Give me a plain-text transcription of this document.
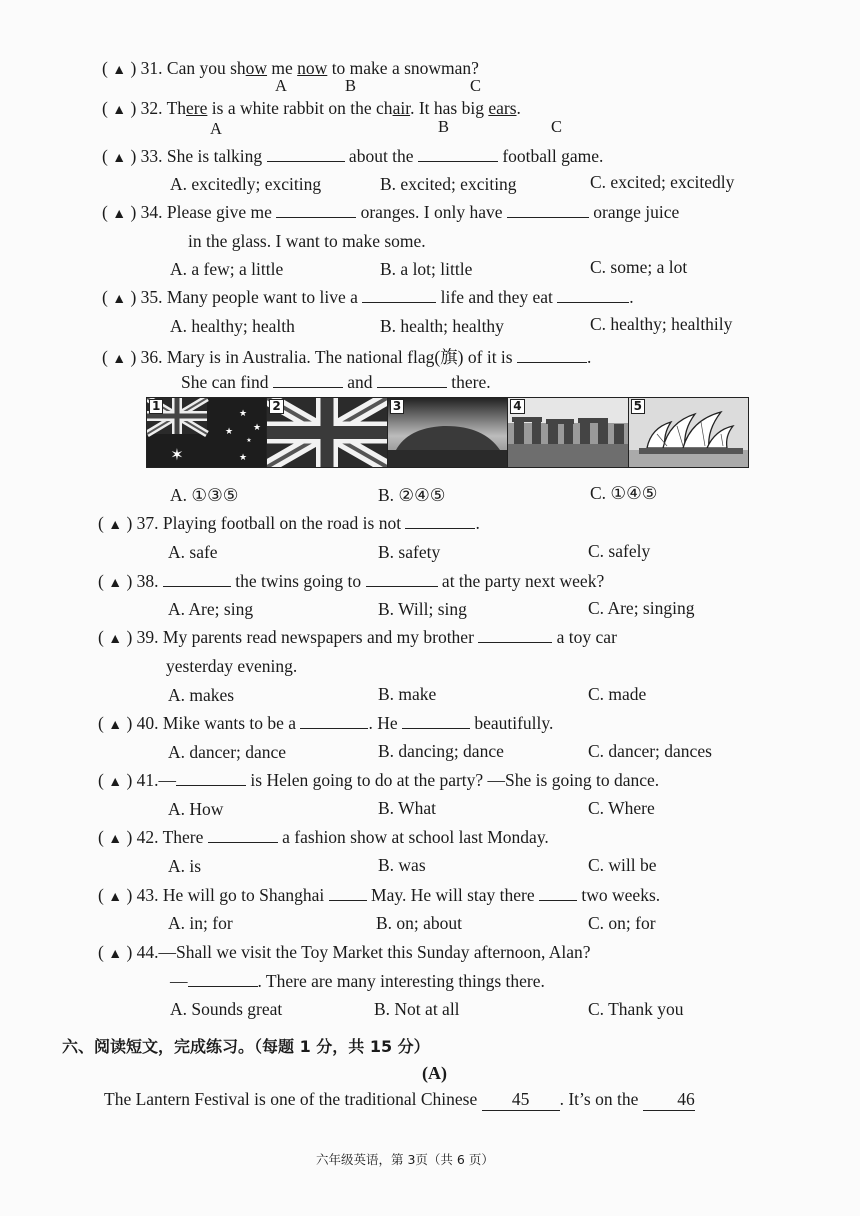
( ▲ ) 31. Can you show me now to make a snowman?
A	B	C
( ▲ ) 32. There is a white rabbit on the chair. It has big ears.
A	B	C
( ▲ ) 33. She is talking	about the	football game.
A. excitedly; exciting	B. excited; exciting	C. excited; excitedly
( ▲ ) 34. Please give me	oranges. I only have	orange juice
in the glass. I want to make some.
A. a few; a little	B. a lot; little	C. some; a lot
( ▲ ) 35. Many people want to live a	life and they eat	.
A. healthy; health	B. health; healthy	C. healthy; healthily
( ▲ ) 36. Mary is in Australia. The national flag(旗) of it is	.
She can find	and	there.
1
✶
★
★ ★
★
★
2	3	4	5
A. ①③⑤	B. ②④⑤	C. ①④⑤
( ▲ ) 37. Playing football on the road is not	.
A. safe	B. safety	C. safely
( ▲ ) 38.	the twins going to	at the party next week?
A. Are; sing	B. Will; sing	C. Are; singing
( ▲ ) 39. My parents read newspapers and my brother	a toy car
yesterday evening.
A. makes	B. make	C. made
( ▲ ) 40. Mike wants to be a	. He	beautifully.
A. dancer; dance	B. dancing; dance	C. dancer; dances
( ▲ ) 41.—	is Helen going to do at the party? —She is going to dance.
A. How	B. What	C. Where
( ▲ ) 42. There	a fashion show at school last Monday.
A. is	B. was	C. will be
( ▲ ) 43. He will go to Shanghai	May. He will stay there	two weeks.
A. in; for	B. on; about	C. on; for
( ▲ ) 44.—Shall we visit the Toy Market this Sunday afternoon, Alan?
—	. There are many interesting things there.
A. Sounds great	B. Not at all	C. Thank you
六、阅读短文，完成练习。（每题 1 分，共 15 分）
(A)
The Lantern Festival is one of the traditional Chinese 45 . It’s on the 46
六年级英语，第 3页（共 6 页）
